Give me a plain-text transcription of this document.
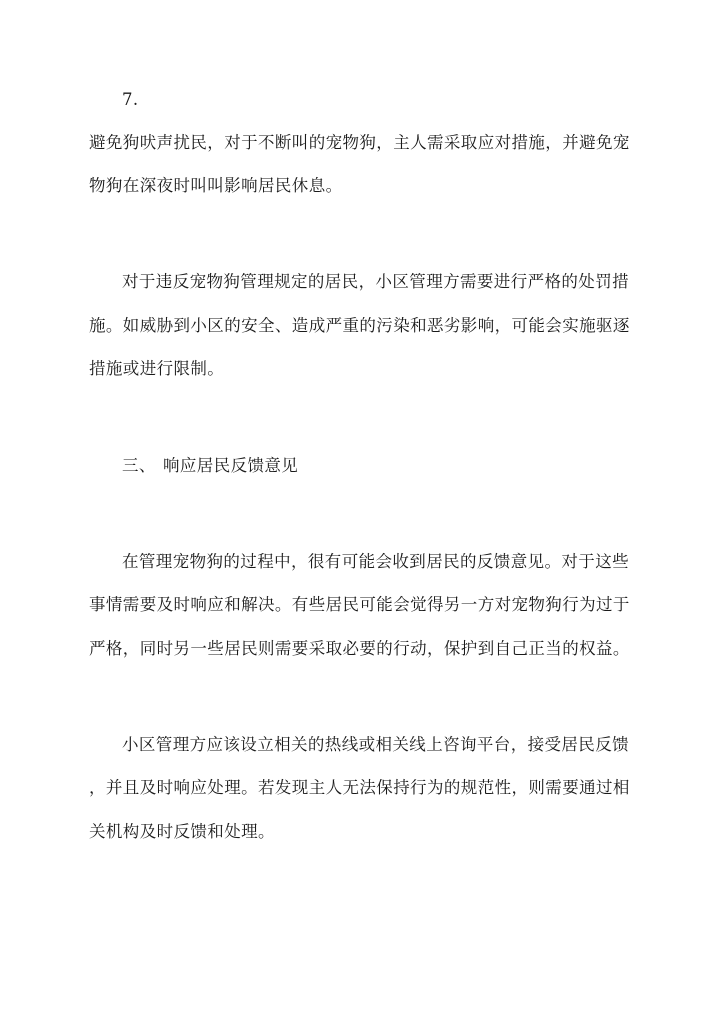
7.
避免狗吠声扰民，对于不断叫的宠物狗，主人需采取应对措施，并避免宠
物狗在深夜时叫叫影响居民休息。
对于违反宠物狗管理规定的居民，小区管理方需要进行严格的处罚措
施。如威胁到小区的安全、造成严重的污染和恶劣影响，可能会实施驱逐
措施或进行限制。
三、 响应居民反馈意见
在管理宠物狗的过程中，很有可能会收到居民的反馈意见。对于这些
事情需要及时响应和解决。有些居民可能会觉得另一方对宠物狗行为过于
严格，同时另一些居民则需要采取必要的行动，保护到自己正当的权益。
小区管理方应该设立相关的热线或相关线上咨询平台，接受居民反馈
，并且及时响应处理。若发现主人无法保持行为的规范性，则需要通过相
关机构及时反馈和处理。
